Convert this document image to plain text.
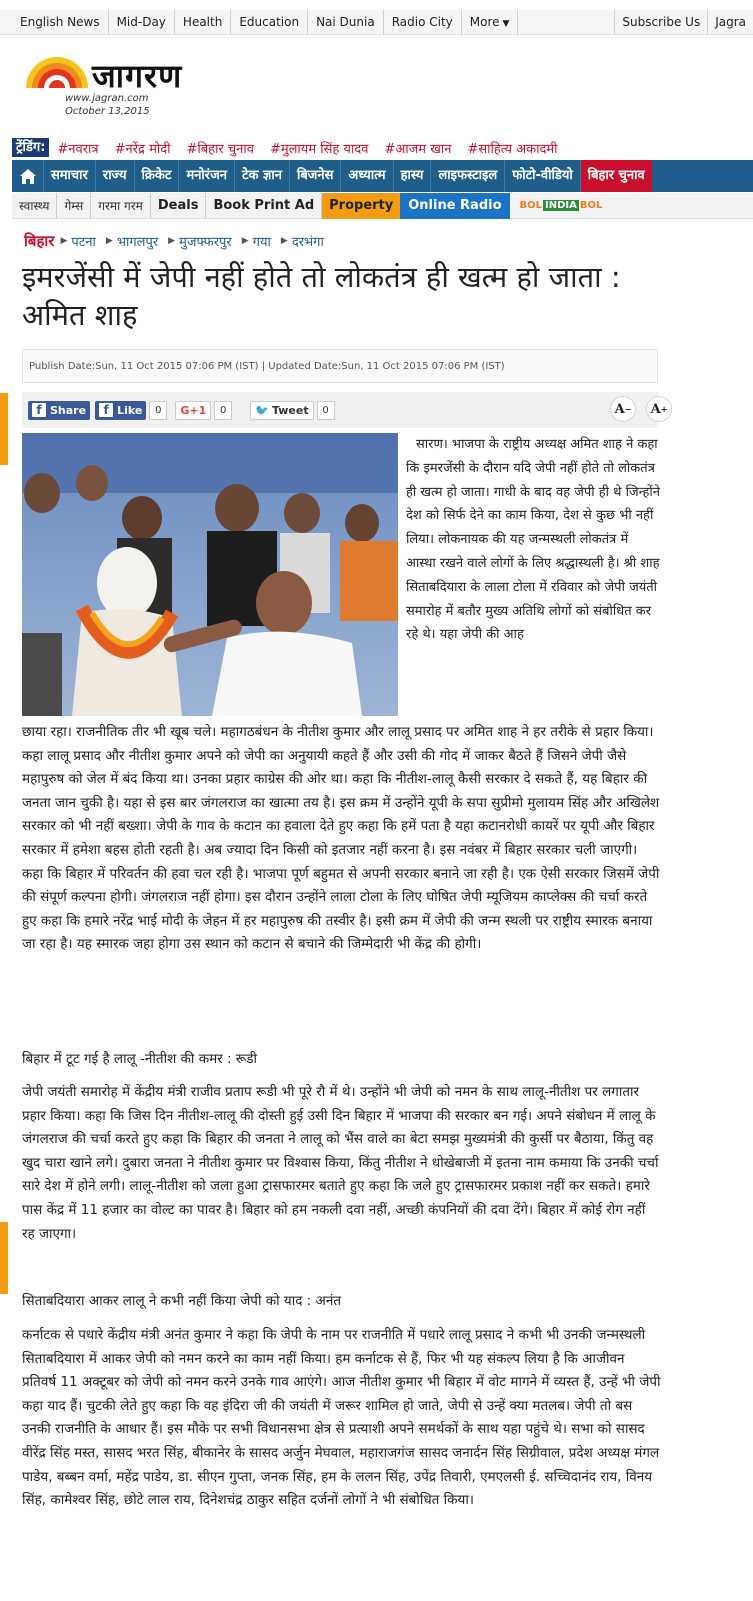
English News	Mid-Day	Health	Education	Nai Dunia	Radio City	More ▼	Subscribe Us	Jagra
जागरण
www.jagran.com
October 13,2015
ट्रेंडिंग: #नवरात्र #नरेंद्र मोदी #बिहार चुनाव #मुलायम सिंह यादव #आजम खान #साहित्य अकादमी
समाचार	राज्य	क्रिकेट	मनोरंजन	टेक ज्ञान	बिजनेस	अध्यात्म	हास्य	लाइफस्टाइल	फोटो-वीडियो	बिहार चुनाव
स्वास्थ्य	गेम्स	गरमा गरम	Deals	Book Print Ad	Property	Online Radio	BOL INDIA BOL
बिहार ▶ पटना ▶ भागलपुर ▶ मुजफ्फरपुर ▶ गया ▶ दरभंगा
इमरजेंसी में जेपी नहीं होते तो लोकतंत्र ही खत्म हो जाता : अमित शाह
Publish Date:Sun, 11 Oct 2015 07:06 PM (IST) | Updated Date:Sun, 11 Oct 2015 07:06 PM (IST)
f Share	f Like	0	G+1	0	🐦 Tweet	0	A − A +
सारण। भाजपा के राष्ट्रीय अध्यक्ष अमित शाह ने कहा कि इमरजेंसी के दौरान यदि जेपी नहीं होते तो लोकतंत्र ही खत्म हो जाता। गाधी के बाद वह जेपी ही थे जिन्होंने देश को सिर्फ देने का काम किया, देश से कुछ भी नहीं लिया। लोकनायक की यह जन्मस्थली लोकतंत्र में आस्था रखने वाले लोगों के लिए श्रद्धास्थली है। श्री शाह सिताबदियारा के लाला टोला में रविवार को जेपी जयंती समारोह में बतौर मुख्य अतिथि लोगों को संबोधित कर रहे थे। यहा जेपी की आह
छाया रहा। राजनीतिक तीर भी खूब चले। महागठबंधन के नीतीश कुमार और लालू प्रसाद पर अमित शाह ने हर तरीके से प्रहार किया। कहा लालू प्रसाद और नीतीश कुमार अपने को जेपी का अनुयायी कहते हैं और उसी की गोद में जाकर बैठते हैं जिसने जेपी जैसे महापुरुष को जेल में बंद किया था। उनका प्रहार काग्रेस की ओर था। कहा कि नीतीश-लालू कैसी सरकार दे सकते हैं, यह बिहार की जनता जान चुकी है। यहा से इस बार जंगलराज का खात्मा तय है। इस क्रम में उन्होंने यूपी के सपा सुप्रीमो मुलायम सिंह और अखिलेश सरकार को भी नहीं बख्शा। जेपी के गाव के कटान का हवाला देते हुए कहा कि हमें पता है यहा कटानरोधी कायरें पर यूपी और बिहार सरकार में हमेशा बहस होती रहती है। अब ज्यादा दिन किसी को इतजार नहीं करना है। इस नवंबर में बिहार सरकार चली जाएगी। कहा कि बिहार में परिवर्तन की हवा चल रही है। भाजपा पूर्ण बहुमत से अपनी सरकार बनाने जा रही है। एक ऐसी सरकार जिसमें जेपी की संपूर्ण कल्पना होगी। जंगलराज नहीं होगा। इस दौरान उन्होंने लाला टोला के लिए घोषित जेपी म्यूजियम काप्लेक्स की चर्चा करते हुए कहा कि हमारे नरेंद्र भाई मोदी के जेहन में हर महापुरुष की तस्वीर है। इसी क्रम में जेपी की जन्म स्थली पर राष्ट्रीय स्मारक बनाया जा रहा है। यह स्मारक जहा होगा उस स्थान को कटान से बचाने की जिम्मेदारी भी केंद्र की होगी।
बिहार में टूट गई है लालू -नीतीश की कमर : रूडी
जेपी जयंती समारोह में केंद्रीय मंत्री राजीव प्रताप रूडी भी पूरे रौ में थे। उन्होंने भी जेपी को नमन के साथ लालू-नीतीश पर लगातार प्रहार किया। कहा कि जिस दिन नीतीश-लालू की दोस्ती हुई उसी दिन बिहार में भाजपा की सरकार बन गई। अपने संबोधन में लालू के जंगलराज की चर्चा करते हुए कहा कि बिहार की जनता ने लालू को भैंस वाले का बेटा समझ मुख्यमंत्री की कुर्सी पर बैठाया, किंतु वह खुद चारा खाने लगे। दुबारा जनता ने नीतीश कुमार पर विश्वास किया, किंतु नीतीश ने धोखेबाजी में इतना नाम कमाया कि उनकी चर्चा सारे देश में होने लगी। लालू-नीतीश को जला हुआ ट्रासफारमर बताते हुए कहा कि जले हुए ट्रासफारमर प्रकाश नहीं कर सकते। हमारे पास केंद्र में 11 हजार का वोल्ट का पावर है। बिहार को हम नकली दवा नहीं, अच्छी कंपनियों की दवा देंगे। बिहार में कोई रोग नहीं रह जाएगा।
सिताबदियारा आकर लालू ने कभी नहीं किया जेपी को याद : अनंत
कर्नाटक से पधारे केंद्रीय मंत्री अनंत कुमार ने कहा कि जेपी के नाम पर राजनीति में पधारे लालू प्रसाद ने कभी भी उनकी जन्मस्थली सिताबदियारा में आकर जेपी को नमन करने का काम नहीं किया। हम कर्नाटक से हैं, फिर भी यह संकल्प लिया है कि आजीवन प्रतिवर्ष 11 अक्टूबर को जेपी को नमन करने उनके गाव आएंगे। आज नीतीश कुमार भी बिहार में वोट मागने में व्यस्त हैं, उन्हें भी जेपी कहा याद हैं। चुटकी लेते हुए कहा कि वह इंदिरा जी की जयंती में जरूर शामिल हो जाते, जेपी से उन्हें क्या मतलब। जेपी तो बस उनकी राजनीति के आधार हैं। इस मौके पर सभी विधानसभा क्षेत्र से प्रत्याशी अपने समर्थकों के साथ यहा पहुंचे थे। सभा को सासद वीरेंद्र सिंह मस्त, सासद भरत सिंह, बीकानेर के सासद अर्जुन मेघवाल, महाराजगंज सासद जनार्दन सिंह सिग्रीवाल, प्रदेश अध्यक्ष मंगल पाडेय, बब्बन वर्मा, महेंद्र पाडेय, डा. सीएन गुप्ता, जनक सिंह, हम के ललन सिंह, उपेंद्र तिवारी, एमएलसी ई. सच्चिदानंद राय, विनय सिंह, कामेश्वर सिंह, छोटे लाल राय, दिनेशचंद्र ठाकुर सहित दर्जनों लोगों ने भी संबोधित किया।
